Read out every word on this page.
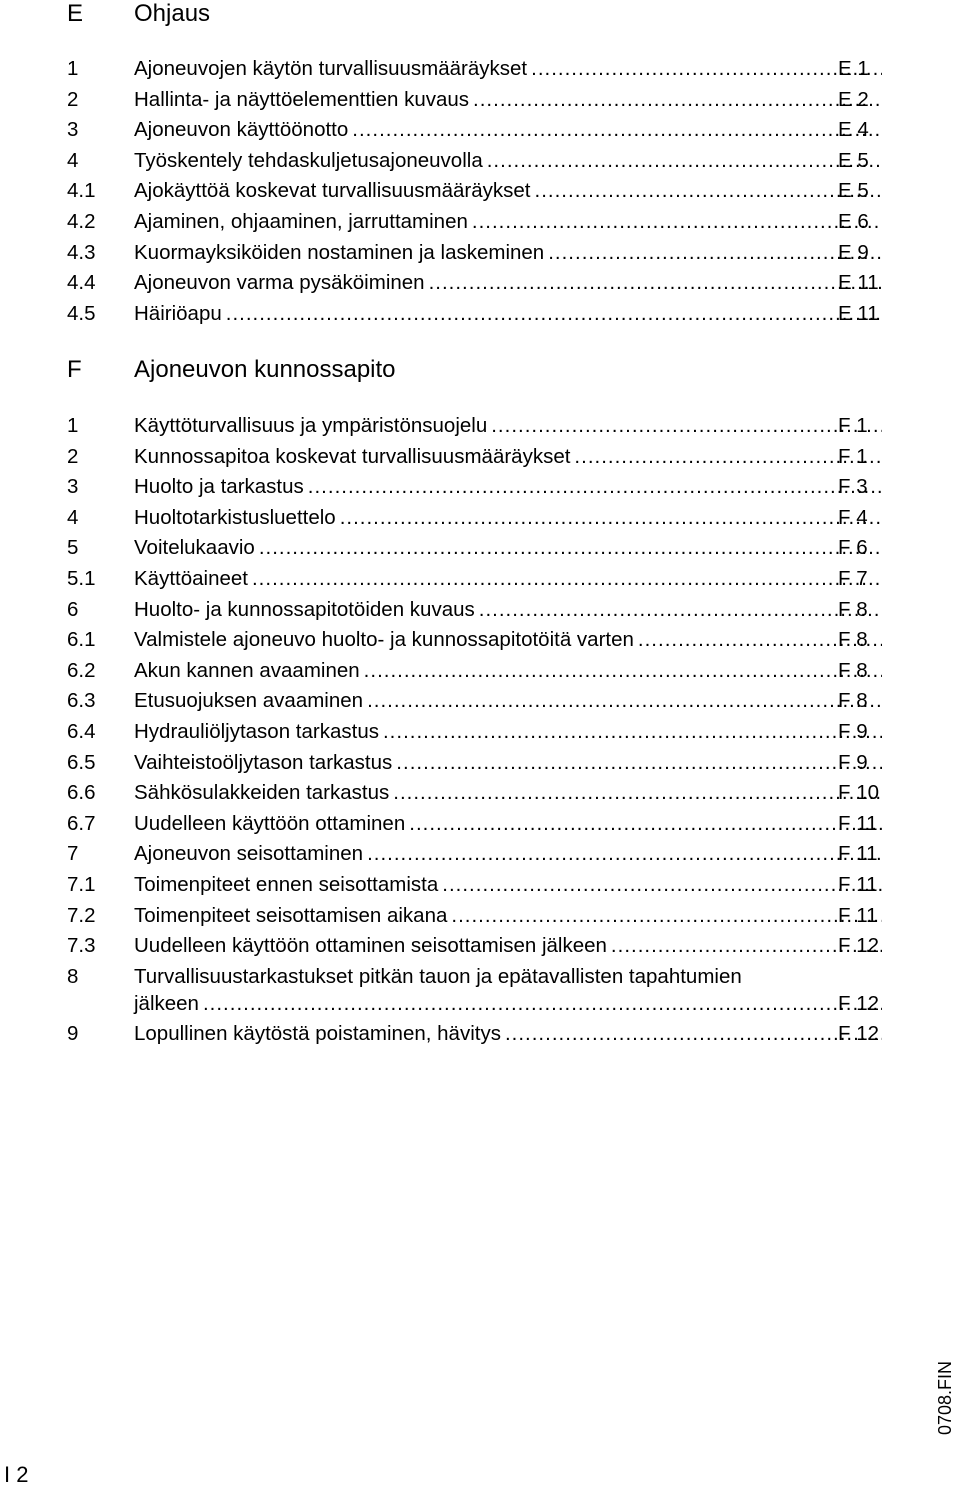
E Ohjaus
1	Ajoneuvojen käytön turvallisuusmääräykset .....	E 1
2	Hallinta- ja näyttöelementtien kuvaus .....	E 2
3	Ajoneuvon käyttöönotto .....	E 4
4	Työskentely tehdaskuljetusajoneuvolla .....	E 5
4.1 Ajokäyttöä koskevat turvallisuusmääräykset .....	E 5
4.2 Ajaminen, ohjaaminen, jarruttaminen .....	E 6
4.3 Kuormayksiköiden nostaminen ja laskeminen .....	E 9
4.4 Ajoneuvon varma pysäköiminen .....	E 11
4.5 Häiriöapu .....	E 11
F Ajoneuvon kunnossapito
1	Käyttöturvallisuus ja ympäristönsuojelu .....	F 1
2	Kunnossapitoa koskevat turvallisuusmääräykset .....	F 1
3	Huolto ja tarkastus .....	F 3
4	Huoltotarkistusluettelo .....	F 4
5	Voitelukaavio .....	F 6
5.1 Käyttöaineet .....	F 7
6	Huolto- ja kunnossapitotöiden kuvaus .....	F 8
6.1 Valmistele ajoneuvo huolto- ja kunnossapitotöitä varten .....	F 8
6.2 Akun kannen avaaminen .....	F 8
6.3 Etusuojuksen avaaminen .....	F 8
6.4 Hydrauliöljytason tarkastus .....	F 9
6.5 Vaihteistoöljytason tarkastus .....	F 9
6.6 Sähkösulakkeiden tarkastus .....	F 10
6.7 Uudelleen käyttöön ottaminen .....	F 11
7	Ajoneuvon seisottaminen .....	F 11
7.1 Toimenpiteet ennen seisottamista .....	F 11
7.2 Toimenpiteet seisottamisen aikana .....	F 11
7.3 Uudelleen käyttöön ottaminen seisottamisen jälkeen .....	F 12
8	Turvallisuustarkastukset pitkän tauon ja epätavallisten tapahtumien
jälkeen .....	F 12
9	Lopullinen käytöstä poistaminen, hävitys .....	F 12
I 2
0708.FIN
